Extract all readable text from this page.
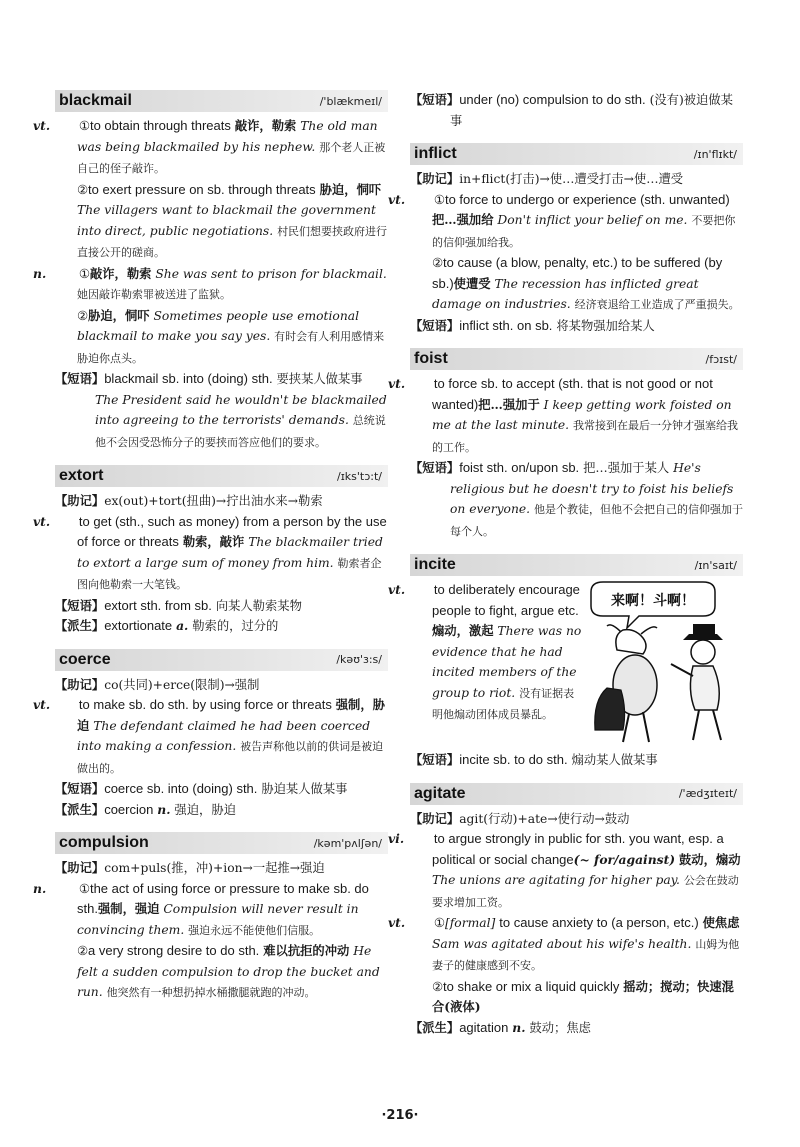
blackmail	/'blækmeɪl/
vt. ①to obtain through threats 敲诈，勒索 The old man was being blackmailed by his nephew. 那个老人正被自己的侄子敲诈。
②to exert pressure on sb. through threats 胁迫，恫吓 The villagers want to blackmail the government into direct, public negotiations. 村民们想要挟政府进行直接公开的磋商。
n.	①敲诈，勒索 She was sent to prison for blackmail. 她因敲诈勒索罪被送进了监狱。
②胁迫，恫吓 Sometimes people use emotional blackmail to make you say yes. 有时会有人利用感情来胁迫你点头。
【短语】blackmail sb. into (doing) sth. 要挟某人做某事 The President said he wouldn't be blackmailed into agreeing to the terrorists' demands. 总统说他不会因受恐怖分子的要挟而答应他们的要求。
extort	/ɪks'tɔ:t/
【助记】ex(out)+tort(扭曲)→拧出油水来→勒索
vt. to get (sth., such as money) from a person by the use of force or threats 勒索，敲诈 The blackmailer tried to extort a large sum of money from him. 勒索者企图向他勒索一大笔钱。
【短语】extort sth. from sb. 向某人勒索某物
【派生】extortionate a. 勒索的，过分的
coerce	/kəʊ'ɜ:s/
【助记】co(共同)+erce(限制)→强制
vt. to make sb. do sth. by using force or threats 强制，胁迫 The defendant claimed he had been coerced into making a confession. 被告声称他以前的供词是被迫做出的。
【短语】coerce sb. into (doing) sth. 胁迫某人做某事
【派生】coercion n. 强迫，胁迫
compulsion	/kəm'pʌlʃən/
【助记】com+puls(推，冲)+ion→一起推→强迫
n.	①the act of using force or pressure to make sb. do sth.强制，强迫 Compulsion will never result in convincing them. 强迫永远不能使他们信服。
②a very strong desire to do sth. 难以抗拒的冲动 He felt a sudden compulsion to drop the bucket and run. 他突然有一种想扔掉水桶撒腿就跑的冲动。
【短语】under (no) compulsion to do sth. (没有)被迫做某事
inflict	/ɪn'flɪkt/
【助记】in+flict(打击)→使…遭受打击→使…遭受
vt. ①to force to undergo or experience (sth. unwanted)把…强加给 Don't inflict your belief on me. 不要把你的信仰强加给我。
②to cause (a blow, penalty, etc.) to be suffered (by sb.)使遭受 The recession has inflicted great damage on industries. 经济衰退给工业造成了严重损失。
【短语】inflict sth. on sb. 将某物强加给某人
foist	/fɔɪst/
vt. to force sb. to accept (sth. that is not good or not wanted)把…强加于 I keep getting work foisted on me at the last minute. 我常接到在最后一分钟才强塞给我的工作。
【短语】foist sth. on/upon sb. 把…强加于某人 He's religious but he doesn't try to foist his beliefs on everyone. 他是个教徒，但他不会把自己的信仰强加于每个人。
incite	/ɪn'saɪt/
vt. to deliberately encourage people to fight, argue etc.煽动，激起 There was no evidence that he had incited members of the group to riot. 没有证据表明他煽动团体成员暴乱。
来啊！斗啊！
【短语】incite sb. to do sth. 煽动某人做某事
agitate	/'ædʒɪteɪt/
【助记】agit(行动)+ate→使行动→鼓动
vi. to argue strongly in public for sth. you want, esp. a political or social change(~ for/against) 鼓动，煽动 The unions are agitating for higher pay. 公会在鼓动要求增加工资。
vt. ①[formal] to cause anxiety to (a person, etc.) 使焦虑 Sam was agitated about his wife's health. 山姆为他妻子的健康感到不安。
②to shake or mix a liquid quickly 摇动；搅动；快速混合(液体)
【派生】agitation n. 鼓动；焦虑
·216·
